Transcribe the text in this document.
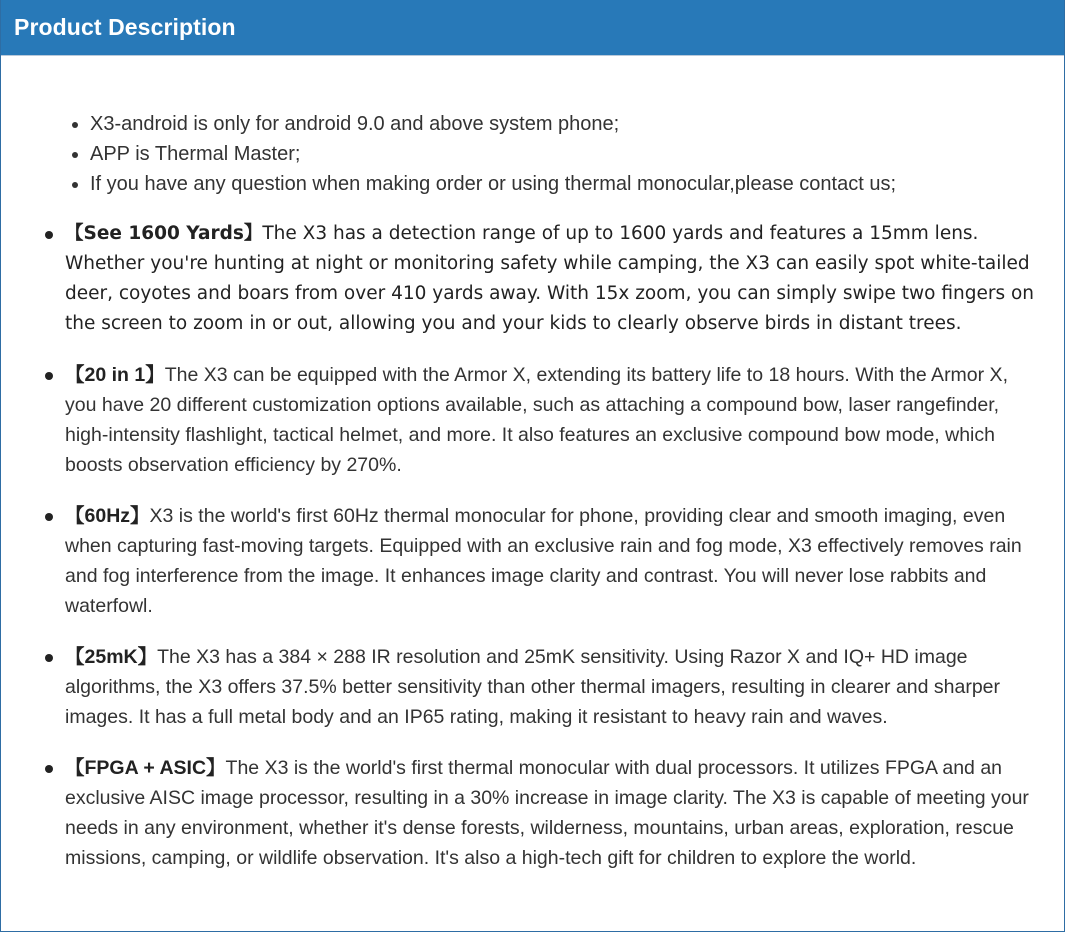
Product Description
• X3-android is only for android 9.0 and above system phone;
• APP is Thermal Master;
• If you have any question when making order or using thermal monocular,please contact us;
【See 1600 Yards】The X3 has a detection range of up to 1600 yards and features a 15mm lens. Whether you're hunting at night or monitoring safety while camping, the X3 can easily spot white-tailed deer, coyotes and boars from over 410 yards away. With 15x zoom, you can simply swipe two fingers on the screen to zoom in or out, allowing you and your kids to clearly observe birds in distant trees.
【20 in 1】The X3 can be equipped with the Armor X, extending its battery life to 18 hours. With the Armor X, you have 20 different customization options available, such as attaching a compound bow, laser rangefinder, high-intensity flashlight, tactical helmet, and more. It also features an exclusive compound bow mode, which boosts observation efficiency by 270%.
【60Hz】X3 is the world's first 60Hz thermal monocular for phone, providing clear and smooth imaging, even when capturing fast-moving targets. Equipped with an exclusive rain and fog mode, X3 effectively removes rain and fog interference from the image. It enhances image clarity and contrast. You will never lose rabbits and waterfowl.
【25mK】The X3 has a 384 × 288 IR resolution and 25mK sensitivity. Using Razor X and IQ+ HD image algorithms, the X3 offers 37.5% better sensitivity than other thermal imagers, resulting in clearer and sharper images. It has a full metal body and an IP65 rating, making it resistant to heavy rain and waves.
【FPGA + ASIC】The X3 is the world's first thermal monocular with dual processors. It utilizes FPGA and an exclusive AISC image processor, resulting in a 30% increase in image clarity. The X3 is capable of meeting your needs in any environment, whether it's dense forests, wilderness, mountains, urban areas, exploration, rescue missions, camping, or wildlife observation. It's also a high-tech gift for children to explore the world.
